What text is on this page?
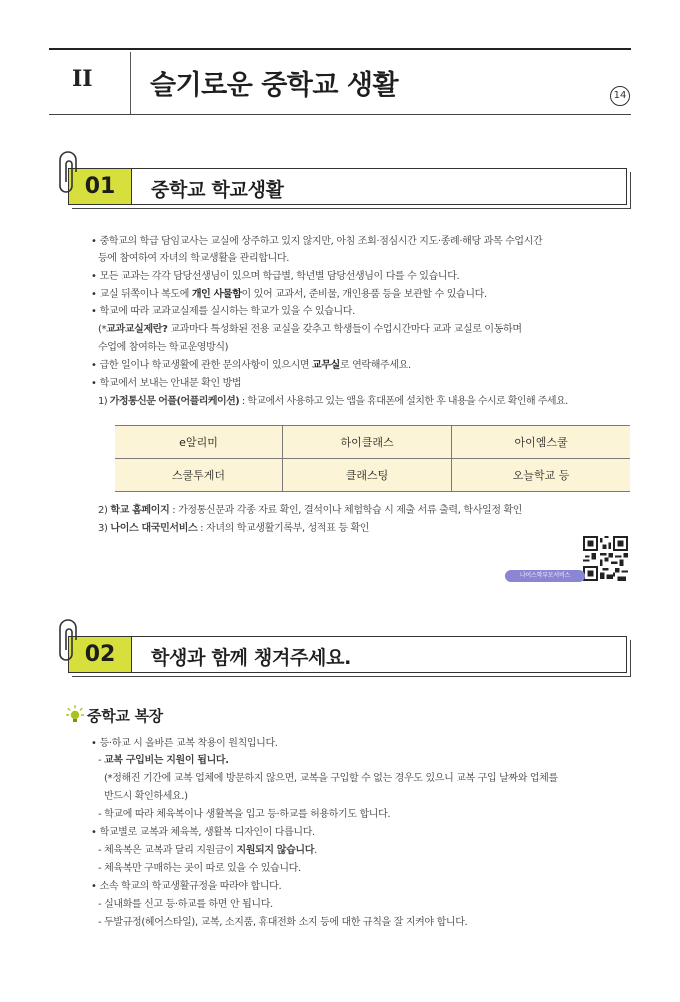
II 슬기로운 중학교 생활	14
01	중학교 학교생활
• 중학교의 학급 담임교사는 교실에 상주하고 있지 않지만, 아침 조회·점심시간 지도·종례·해당 과목 수업시간
등에 참여하여 자녀의 학교생활을 관리합니다.
• 모든 교과는 각각 담당선생님이 있으며 학급별, 학년별 담당선생님이 다를 수 있습니다.
• 교실 뒤쪽이나 복도에 개인 사물함이 있어 교과서, 준비물, 개인용품 등을 보관할 수 있습니다.
• 학교에 따라 교과교실제를 실시하는 학교가 있을 수 있습니다.
(*교과교실제란? 교과마다 특성화된 전용 교실을 갖추고 학생들이 수업시간마다 교과 교실로 이동하며
수업에 참여하는 학교운영방식)
• 급한 일이나 학교생활에 관한 문의사항이 있으시면 교무실로 연락해주세요.
• 학교에서 보내는 안내문 확인 방법
1) 가정통신문 어플(어플리케이션) : 학교에서 사용하고 있는 앱을 휴대폰에 설치한 후 내용을 수시로 확인해 주세요.
e알리미	하이클래스	아이엠스쿨
스쿨투게더	클래스팅	오늘학교 등
2) 학교 홈페이지 : 가정통신문과 각종 자료 확인, 결석이나 체험학습 시 제출 서류 출력, 학사일정 확인
3) 나이스 대국민서비스 : 자녀의 학교생활기록부, 성적표 등 확인
나이스학부모서비스
02	학생과 함께 챙겨주세요.
중학교 복장
• 등·하교 시 올바른 교복 착용이 원칙입니다.
- 교복 구입비는 지원이 됩니다.
(*정해진 기간에 교복 업체에 방문하지 않으면, 교복을 구입할 수 없는 경우도 있으니 교복 구입 날짜와 업체를
반드시 확인하세요.)
- 학교에 따라 체육복이나 생활복을 입고 등·하교를 허용하기도 합니다.
• 학교별로 교복과 체육복, 생활복 디자인이 다릅니다.
- 체육복은 교복과 달리 지원금이 지원되지 않습니다.
- 체육복만 구매하는 곳이 따로 있을 수 있습니다.
• 소속 학교의 학교생활규정을 따라야 합니다.
- 실내화를 신고 등·하교를 하면 안 됩니다.
- 두발규정(헤어스타일), 교복, 소지품, 휴대전화 소지 등에 대한 규칙을 잘 지켜야 합니다.
